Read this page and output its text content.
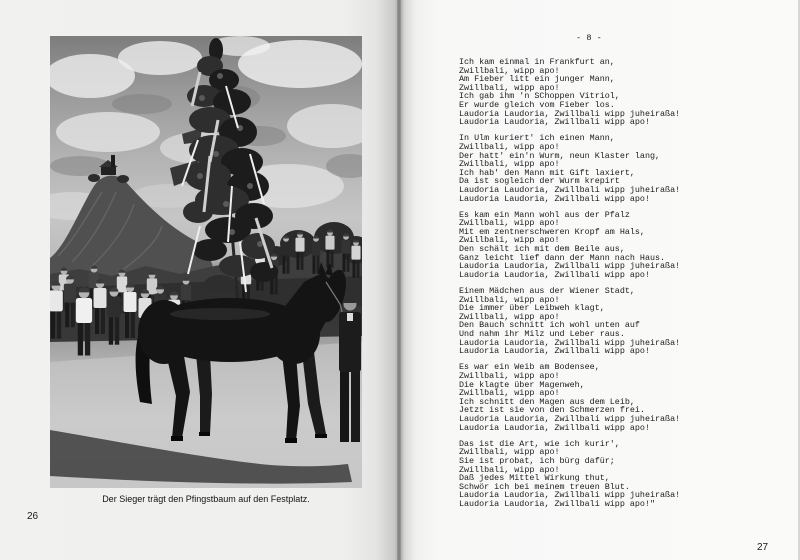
Der Sieger trägt den Pfingstbaum auf den Festplatz.
26
- 8 -
Ich kam einmal in Frankfurt an,
Zwillbali, wipp apo!
Am Fieber litt ein junger Mann,
Zwillbali, wipp apo!
Ich gab ihm 'n SChoppen Vitriol,
Er wurde gleich vom Fieber los.
Laudoria Laudoria, Zwillbali wipp juheiraßa!
Laudoria Laudoria, Zwillbali wipp apo!
In Ulm kuriert' ich einen Mann,
Zwillbali, wipp apo!
Der hatt' ein'n Wurm, neun Klaster lang,
Zwillbali, wipp apo!
Ich hab' den Mann mit Gift laxiert,
Da ist sogleich der Wurm krepirt
Laudoria Laudoria, Zwillbali wipp juheiraßa!
Laudoria Laudoria, Zwillbali wipp apo!
Es kam ein Mann wohl aus der Pfalz
Zwillbali, wipp apo!
Mit em zentnerschweren Kropf am Hals,
Zwillbali, wipp apo!
Den schält ich mit dem Beile aus,
Ganz leicht lief dann der Mann nach Haus.
Laudoria Laudoria, Zwillbali wipp juheiraßa!
Laudoria Laudoria, Zwillbali wipp apo!
Einem Mädchen aus der Wiener Stadt,
Zwillbali, wipp apo!
Die immer über Leibweh klagt,
Zwillbali, wipp apo!
Den Bauch schnitt ich wohl unten auf
Und nahm ihr Milz und Leber raus.
Laudoria Laudoria, Zwillbali wipp juheiraßa!
Laudoria Laudoria, Zwillbali wipp apo!
Es war ein Weib am Bodensee,
Zwillbali, wipp apo!
Die klagte über Magenweh,
Zwillbali, wipp apo!
Ich schnitt den Magen aus dem Leib,
Jetzt ist sie von den Schmerzen frei.
Laudoria Laudoria, Zwillbali wipp juheiraßa!
Laudoria Laudoria, Zwillbali wipp apo!
Das ist die Art, wie ich kurir',
Zwillbali, wipp apo!
Sie ist probat, ich bürg dafür;
Zwillbali, wipp apo!
Daß jedes Mittel Wirkung thut,
Schwör ich bei meinem treuen Blut.
Laudoria Laudoria, Zwillbali wipp juheiraßa!
Laudoria Laudoria, Zwillbali wipp apo!"
27
